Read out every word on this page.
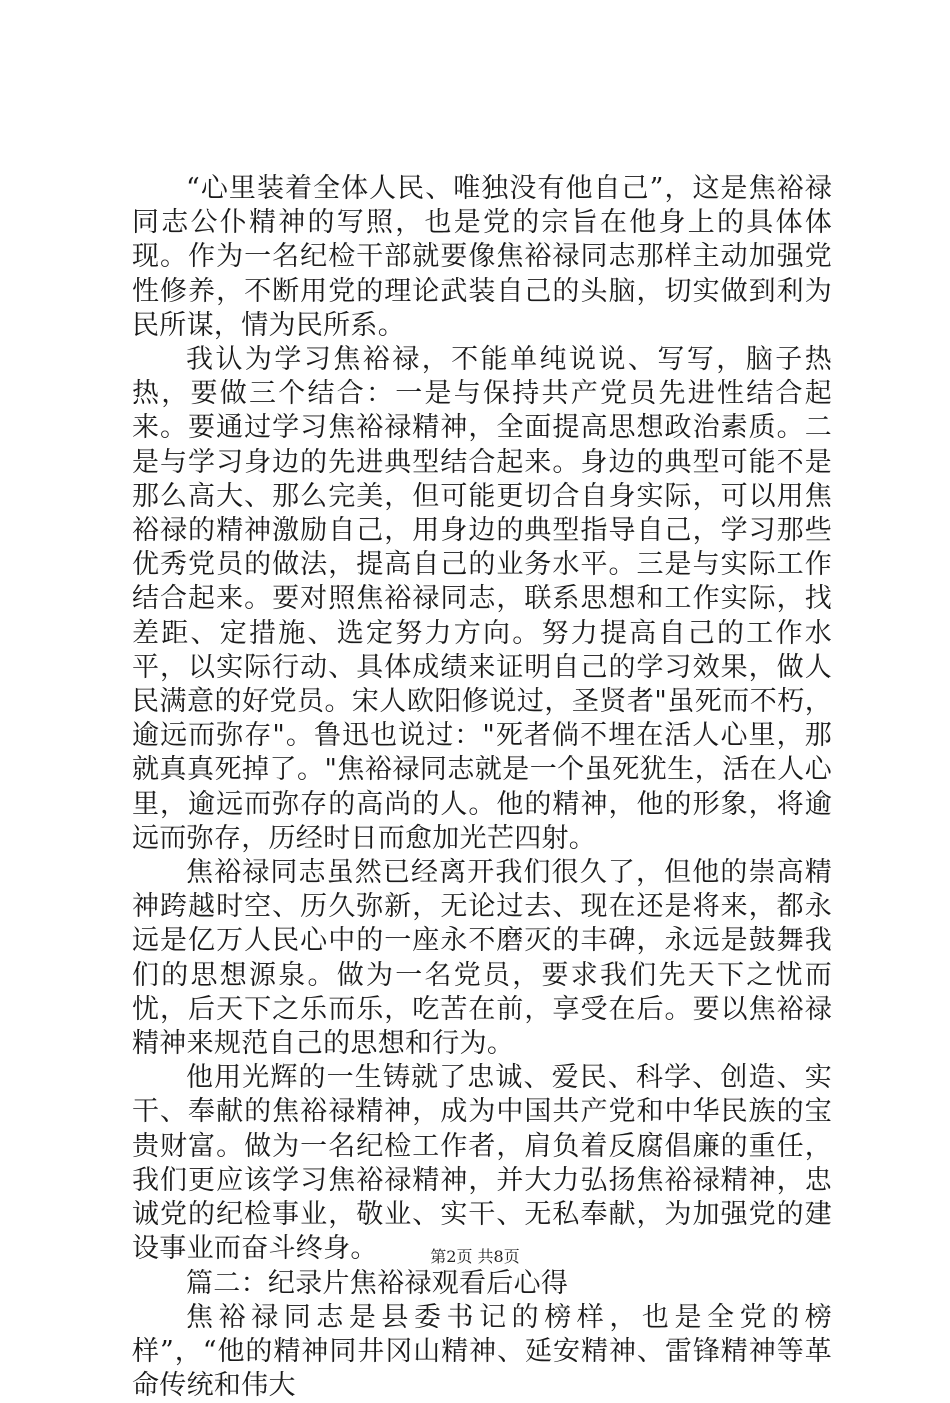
“心里装着全体人民、唯独没有他自己”，这是焦裕禄同志公仆精神的写照，也是党的宗旨在他身上的具体体现。作为一名纪检干部就要像焦裕禄同志那样主动加强党性修养，不断用党的理论武装自己的头脑，切实做到利为民所谋，情为民所系。

我认为学习焦裕禄，不能单纯说说、写写，脑子热热，要做三个结合：一是与保持共产党员先进性结合起来。要通过学习焦裕禄精神，全面提高思想政治素质。二是与学习身边的先进典型结合起来。身边的典型可能不是那么高大、那么完美，但可能更切合自身实际，可以用焦裕禄的精神激励自己，用身边的典型指导自己，学习那些优秀党员的做法，提高自己的业务水平。三是与实际工作结合起来。要对照焦裕禄同志，联系思想和工作实际，找差距、定措施、选定努力方向。努力提高自己的工作水平，以实际行动、具体成绩来证明自己的学习效果，做人民满意的好党员。宋人欧阳修说过，圣贤者"虽死而不朽，逾远而弥存"。鲁迅也说过："死者倘不埋在活人心里，那就真真死掉了。"焦裕禄同志就是一个虽死犹生，活在人心里，逾远而弥存的高尚的人。他的精神，他的形象，将逾远而弥存，历经时日而愈加光芒四射。

焦裕禄同志虽然已经离开我们很久了，但他的崇高精神跨越时空、历久弥新，无论过去、现在还是将来，都永远是亿万人民心中的一座永不磨灭的丰碑，永远是鼓舞我们的思想源泉。做为一名党员，要求我们先天下之忧而忧，后天下之乐而乐，吃苦在前，享受在后。要以焦裕禄精神来规范自己的思想和行为。

他用光辉的一生铸就了忠诚、爱民、科学、创造、实干、奉献的焦裕禄精神，成为中国共产党和中华民族的宝贵财富。做为一名纪检工作者，肩负着反腐倡廉的重任，我们更应该学习焦裕禄精神，并大力弘扬焦裕禄精神，忠诚党的纪检事业，敬业、实干、无私奉献，为加强党的建设事业而奋斗终身。

篇二：纪录片焦裕禄观看后心得

焦裕禄同志是县委书记的榜样，也是全党的榜样”，“他的精神同井冈山精神、延安精神、雷锋精神等革命传统和伟大

第2页 共8页
